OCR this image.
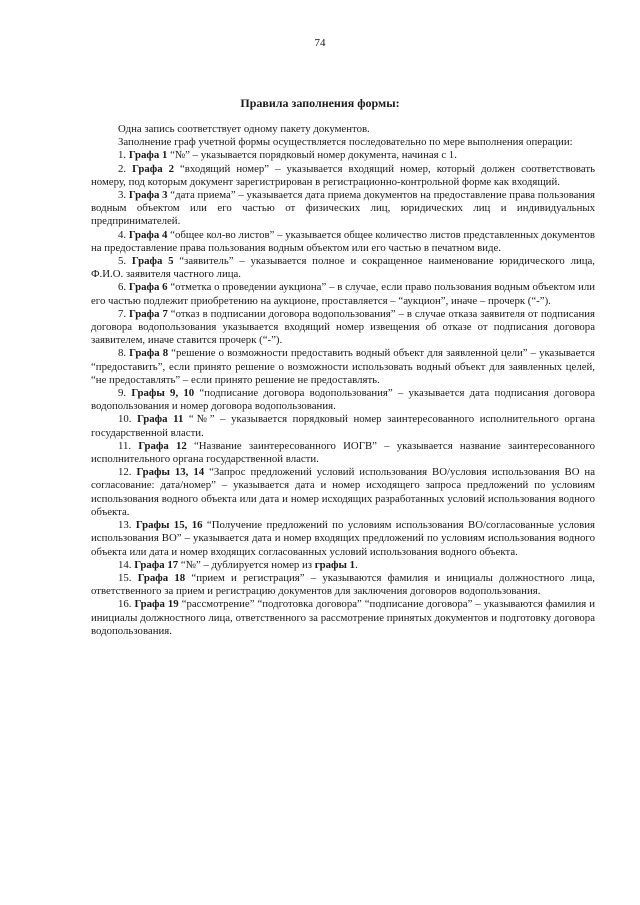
74
Правила заполнения формы:

Одна запись соответствует одному пакету документов.

Заполнение граф учетной формы осуществляется последовательно по мере выполнения операции:

1. Графа 1 “№” – указывается порядковый номер документа, начиная с 1.

2. Графа 2 “входящий номер” – указывается входящий номер, который должен соответствовать номеру, под которым документ зарегистрирован в регистрационно-контрольной форме как входящий.

3. Графа 3 “дата приема” – указывается дата приема документов на предоставление права пользования водным объектом или его частью от физических лиц, юридических лиц и индивидуальных предпринимателей.

4. Графа 4 “общее кол-во листов” – указывается общее количество листов представленных документов на предоставление права пользования водным объектом или его частью в печатном виде.

5. Графа 5 “заявитель” – указывается полное и сокращенное наименование юридического лица, Ф.И.О. заявителя частного лица.

6. Графа 6 “отметка о проведении аукциона” – в случае, если право пользования водным объектом или его частью подлежит приобретению на аукционе, проставляется – “аукцион”, иначе – прочерк (“-”).

7. Графа 7 “отказ в подписании договора водопользования” – в случае отказа заявителя от подписания договора водопользования указывается входящий номер извещения об отказе от подписания договора заявителем, иначе ставится прочерк (“-”).

8. Графа 8 “решение о возможности предоставить водный объект для заявленной цели” – указывается “предоставить”, если принято решение о возможности использовать водный объект для заявленных целей, “не предоставлять” – если принято решение не предоставлять.

9. Графы 9, 10 “подписание договора водопользования” – указывается дата подписания договора водопользования и номер договора водопользования.

10. Графа 11 “№” – указывается порядковый номер заинтересованного исполнительного органа государственной власти.

11. Графа 12 “Название заинтересованного ИОГВ” – указывается название заинтересованного исполнительного органа государственной власти.

12. Графы 13, 14 “Запрос предложений условий использования ВО/условия использования ВО на согласование: дата/номер” – указывается дата и номер исходящего запроса предложений по условиям использования водного объекта или дата и номер исходящих разработанных условий использования водного объекта.

13. Графы 15, 16 “Получение предложений по условиям использования ВО/согласованные условия использования ВО” – указывается дата и номер входящих предложений по условиям использования водного объекта или дата и номер входящих согласованных условий использования водного объекта.

14. Графа 17 “№” – дублируется номер из графы 1.

15. Графа 18 “прием и регистрация” – указываются фамилия и инициалы должностного лица, ответственного за прием и регистрацию документов для заключения договоров водопользования.

16. Графа 19 “рассмотрение” “подготовка договора” “подписание договора” – указываются фамилия и инициалы должностного лица, ответственного за рассмотрение принятых документов и подготовку договора водопользования.
